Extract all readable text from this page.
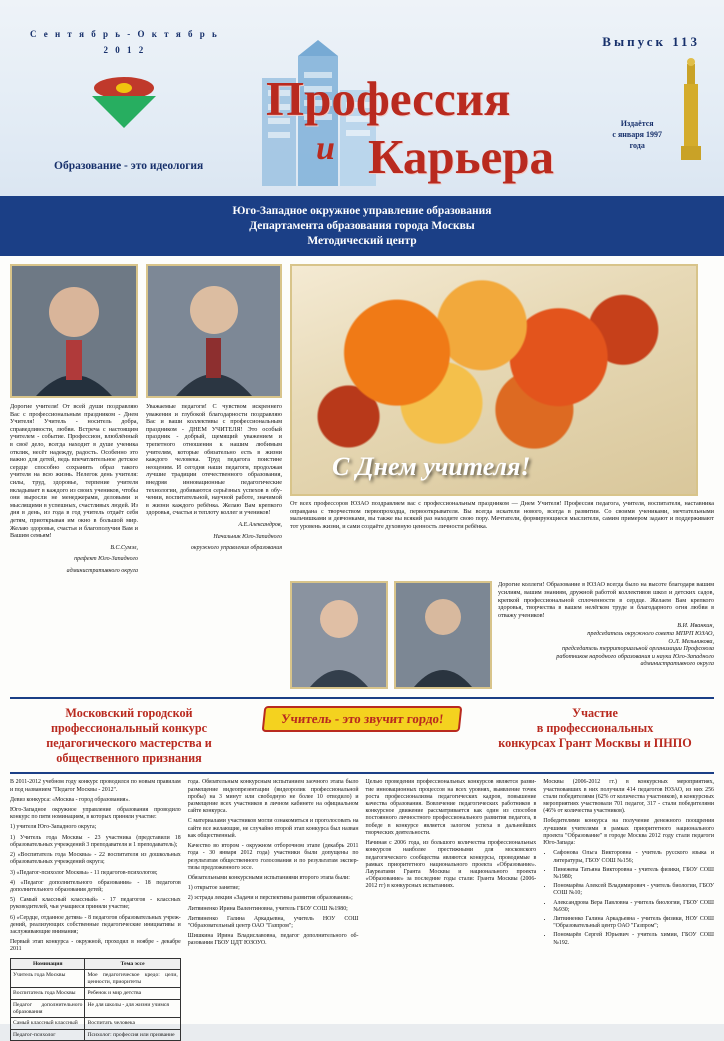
С е н т я б р ь - О к т я б р ь
2 0 1 2
Выпуск 113
Образование - это идеология
Профессия
и Карьера
Издаётся
с января 1997
года
Юго-Западное окружное управление образования
Департамента образования города Москвы
Методический центр
Дорогие учителя! От всей души поздравляю Вас с профессиональным праздником - Днем Учителя! Учитель - носитель добра, справедливости, любви. Встреча с настоящим учителем - событие. Профессион, влюблённый в своё дело, всегда находит в душе ученика отклик, несёт надежду, радость. Особенно это важно для детей, ведь впечатлительное детское сердце способно сохранить образ такого учителя на всю жизнь. Нелегок день учителя: силы, труд, здоровье, терпение учителя вкладывает в каждого из своих учеников, чтобы они выросли не менеджерами, деловыми и мыслящими в успешных, счастливых людей. Из дня в день, из года в год учитель отдаёт себя детям, приоткрывая им окно в большой мир. Желаю здоровья, счастья и благополучия Вам и Вашим семьям!
В.С.Сумэл,
префект Юго-Западного
административного округа
Уважаемые педагоги! С чувством искреннего уважения и глубокой благодарности поздравляю Вас и ваши коллективы с профессиональным праздником - ДНЕМ УЧИТЕЛЯ! Это особый праздник - добрый, щемящий уважением и трепетного отношения к нашим любимым учителям, которые обязательно есть в жизни каждого человека. Труд педагога поистине неоценим. И сегодня наши педагоги, продолжая лучшие традиции отечественного образования, внедряя инновационные педагогические технологии, добиваются серьёзных успехов в обучении, воспитательной, научной работе, значимой в жизни каждого ребёнка. Желаю Вам крепкого здоровья, счастья и теплоту коллег и учеников!
А.Е.Александров,
Начальник Юго-Западного
окружного управления образования
С Днем учителя!
От всех профессоров ЮЗАО поздравляем вас с профессиональным праздником — Днем Учителя! Профессия педагога, учителя, воспитателя, наставника оправдана с творчеством первопроходца, первооткрывателя. Вы всегда искатели нового, всегда в развитии. Со своими учениками, мечтательными мальчишками и девчонками, вы также вы всякий раз находите свою пору. Мечтатели, формирующиеся мыслители, самим примером задают и поддерживают тот уровень жизни, и сами создаёте духовную ценность личности ребёнка.
Дорогие коллеги! Образование в ЮЗАО всегда было на высоте благодаря вашим усилиям, вашим знаниям, дружной работой коллективов школ и детских садов, крепкой профессиональной сплоченности в сердце. Желаем Вам крепкого здоровья, творчества в вашем нелёгком труде и благодарного огня любви в отважу учеников!
В.И. Иванкин,
председатель окружного совета МПРП ЮЗАО,
О.Л. Мельникова,
председатель территориальной организации Профсоюза
работников народного образования и науки Юго-Западного
административного округа
Московский городской
профессиональный конкурс
педагогического мастерства и общественного признания
Учитель - это звучит гордо!	Участие
в профессиональных
конкурсах Грант Москвы и ПНПО

В 2011-2012 учебном году конкурс проводился по новым правилам и под названием "Педагог Москвы - 2012".

Девиз конкурса: «Москва - город образования».

Юго-Западное окружное управление образования проводило конкурс по пяти номинациям, в которых приняли участие:

1) учителя Юго-Западного округа;

1) Учитель года Москвы - 23 участника (представили 18 образовательных учреждений 3 преподавателя и 1 преподаватель);

2) «Воспитатель года Москвы» - 22 воспитателя из дошкольных образовательных учреждений округа;

3) «Педагог-психолог Москвы» - 11 педагогов-психологов;

4) «Педагог дополнительного образования» - 18 педагогов дополнительного образования детей;

5) Самый классный классный» - 17 педагогов - классных руководителей, чьи учащиеся приняли участие;

6) «Сердце, отданное детям» - 8 педагогов образовательных учреждений, реализующих собственные педагогические инициативы и заслуживающие внимания;

Первый этап конкурса - окружной, проходил в ноябре - декабре 2011

Номинация	Тема эссе
Учитель года Москвы	Мое педагогическое кредо: цели, ценности, приоритеты
Воспитатель года Москвы	Ребенок и мир детства
Педагог дополнительного образования	Не для школы - для жизни учимся
Самый классный классный	Воспитать человека
Педагог-психолог	Психолог: профессия или призвание

года. Обязательным конкурсным испытанием заочного этапа было размещение видеопрезентации (видеоролик профессиональной пробы) на 3 минут или свободную не более 10 отводило) и размещение всех участников в личном кабинете на официальном сайте конкурса.

С материалами участников могли ознакомиться и проголосовать на сайте все желающие, не случайно второй этап конкурса был назван как общественный.

Качество во втором - окружном отборочном этапе (декабрь 2011 года - 30 января 2012 года) участники были допущены по результатам общественного голосования и по результатам экспертизы предложенного эссе.

Обязательными конкурсными испытаниями второго этапа были:

1) открытое занятие;

2) эстрада лекция «Задачи и перспективы развития образования»;

Литвиненко Ирина Валентиновна, учитель ГБОУ СОШ №1980;

Литвиненко Галина Аркадьевна, учитель НОУ СОШ "Образовательный центр ОАО "Газпром";

Шишкина Ирина Владиславовна, педагог дополнительного образования ГБОУ ЦДТ ЮЗОУО.

Целью проведения профессиональных конкурсов является развитие инновационных процессов на всех уровнях, выявление точек роста профессионализма педагогических кадров, повышение качества образования. Вовлечение педагогических работников в конкурсное движение рассматривается как один из способов постоянного личностного профессионального развития педагога, в победе в конкурсе является залогом успеха в дальнейших творческих деятельности.

Начиная с 2006 года, из большого количества профессиональных конкурсов наиболее престижными для московского педагогического сообщества являются конкурсы, проводимые в рамках приоритетного национального проекта «Образование». Лауреатами Гранта Москвы и национального проекта «Образование» за последние годы стали: Гранта Москвы (2006-2012 гг) в конкурсных испытаниях.

Москвы (2006-2012 гг.) в конкурсных мероприятиях, участвовавших в них получили 414 педагогов ЮЗАО, из них 256 стали победителями (62% от количества участников), в конкурсных мероприятиях участвовали 701 педагог, 317 - стали победителями (46% от количества участников).

Победителями конкурса на получение денежного поощрения лучшими учителями в рамках приоритетного национального проекта "Образование" в городе Москва 2012 году стали педагоги Юго-Запада:

• Сафонова Ольга Викторовна - учитель русского языка и литературы, ГБОУ СОШ №156;
• Пинежева Татьяна Викторовна - учитель физики, ГБОУ СОШ №1980;
• Пономарёва Алексей Владимирович - учитель биологии, ГБОУ СОШ №10;
• Александрова Вера Павловна - учитель биологии, ГБОУ СОШ №930;
• Литвиненко Галина Аркадьевна - учитель физики, НОУ СОШ "Образовательный центр ОАО "Газпром";
• Пономарёв Сергей Юрьевич - учитель химии, ГБОУ СОШ №192.
